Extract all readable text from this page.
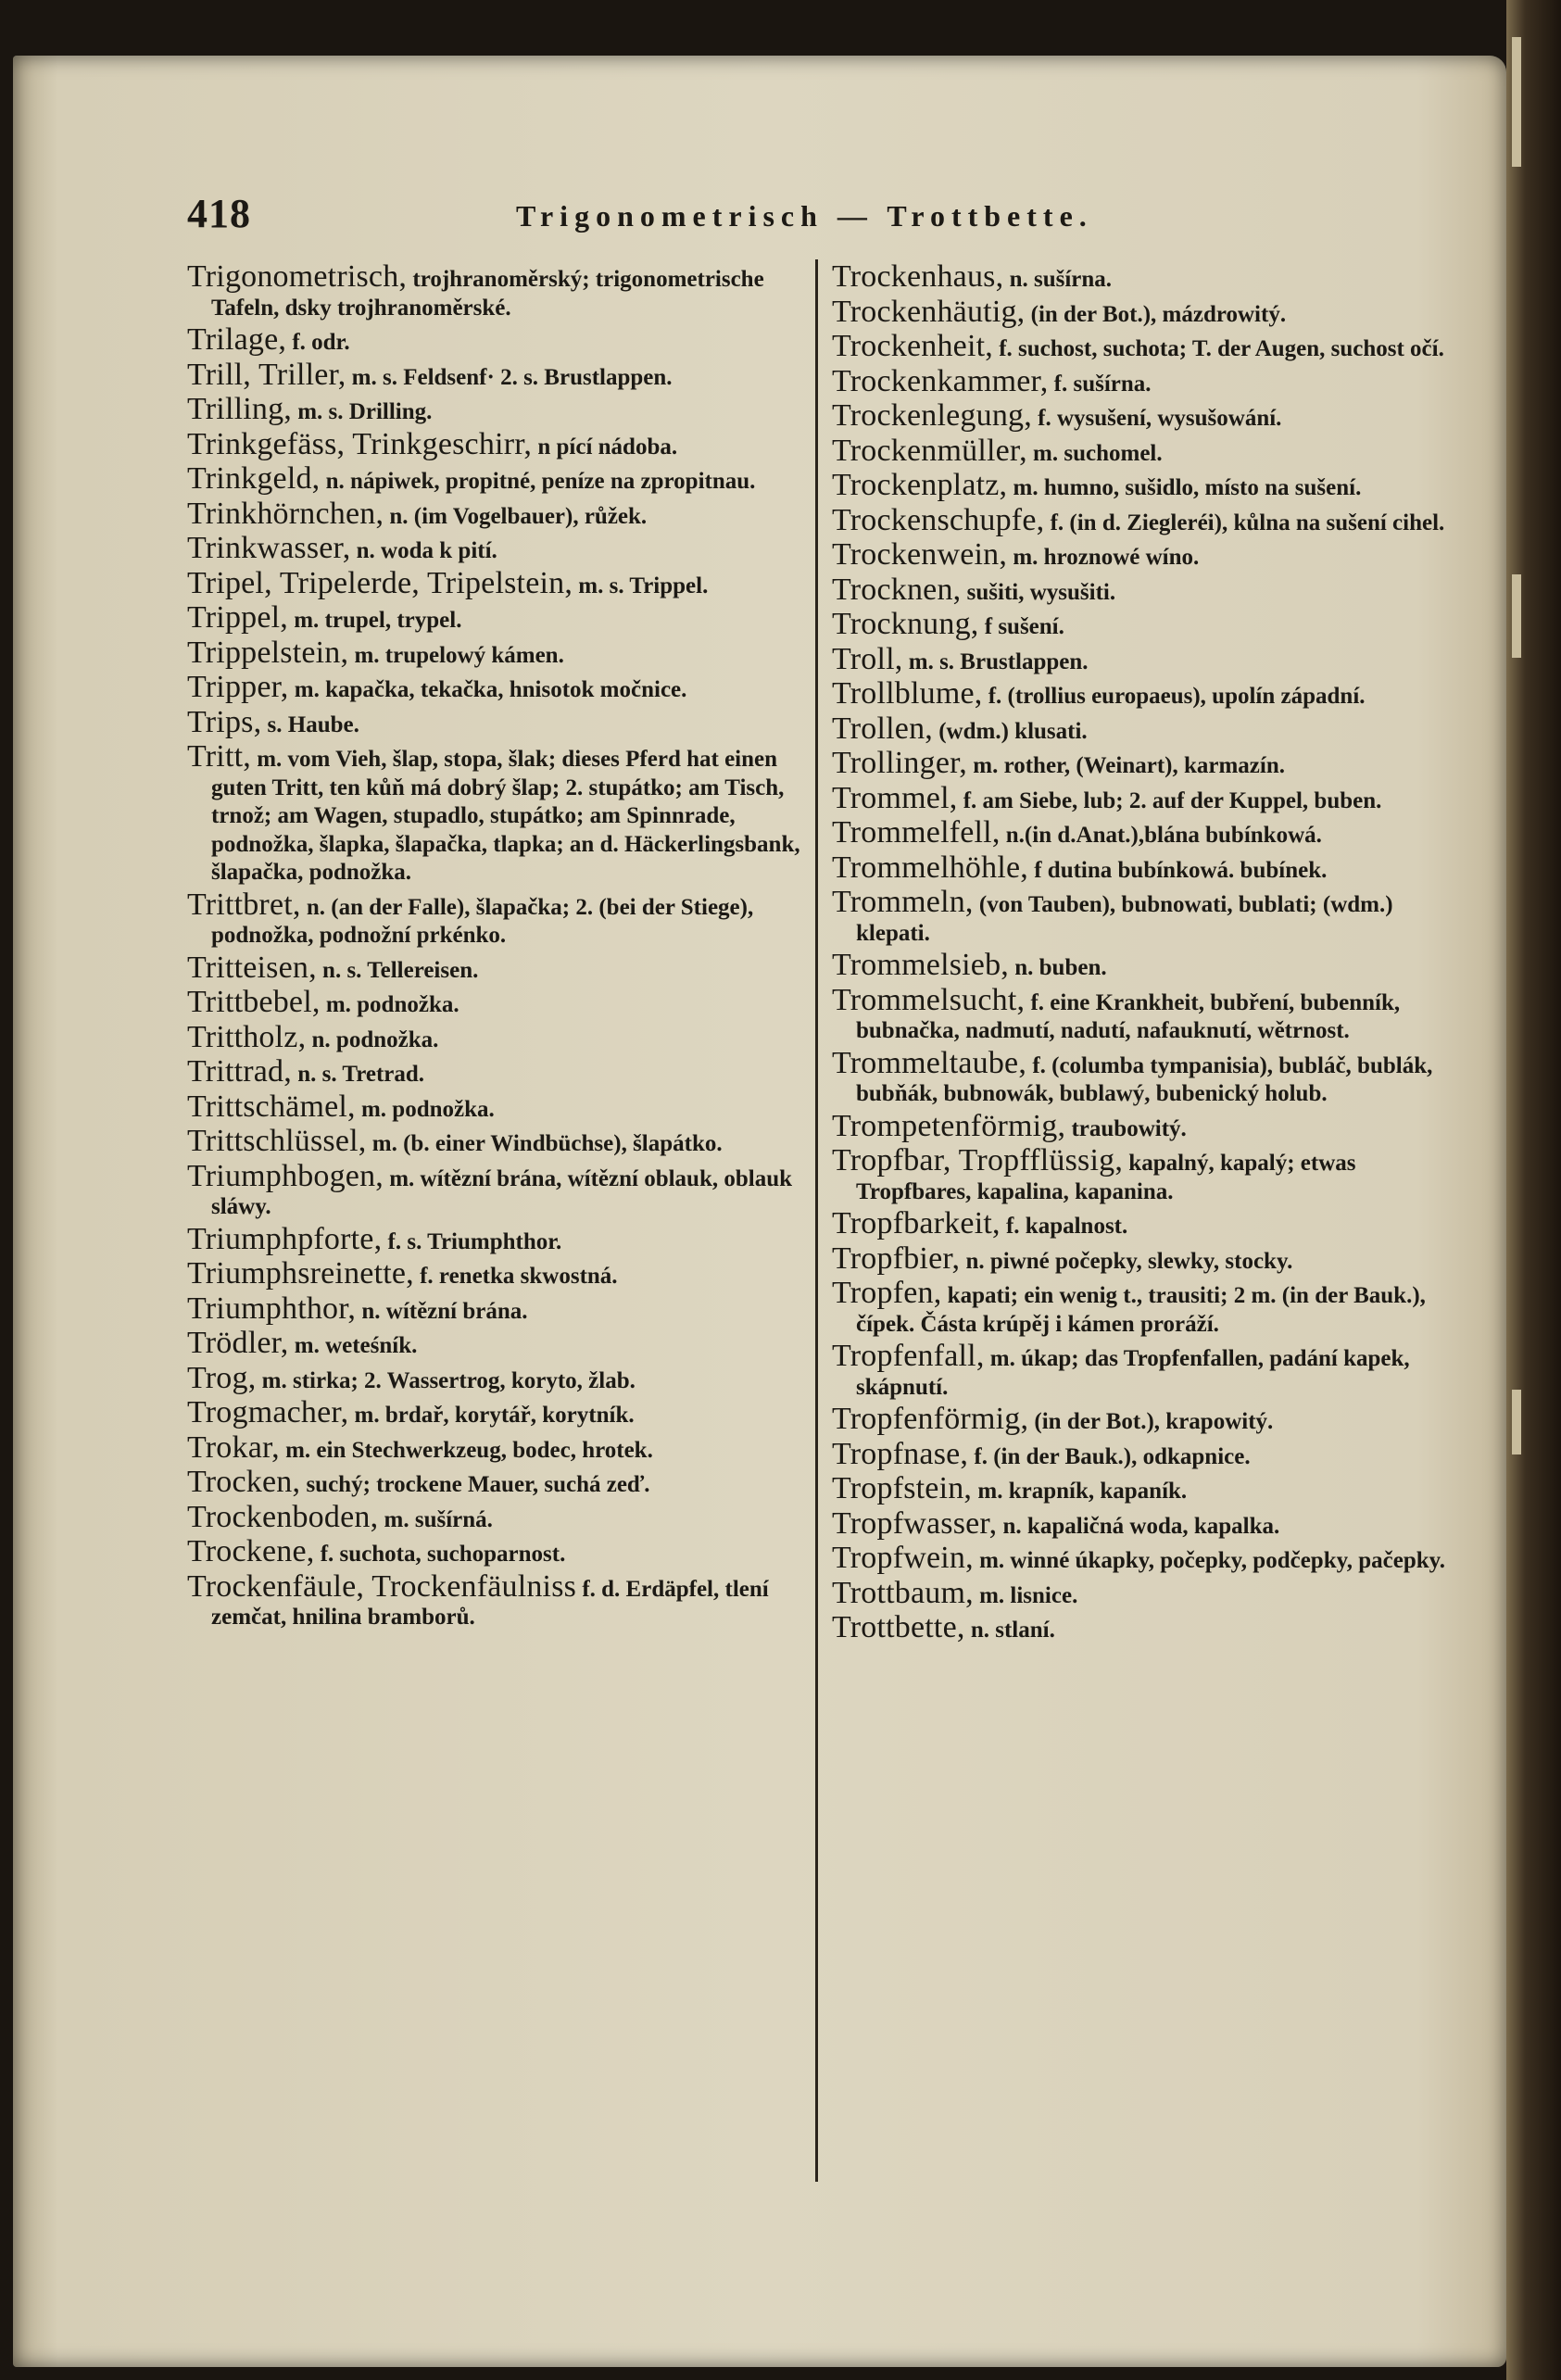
418	Trigonometrisch — Trottbette.
Trigonometrisch, trojhranoměrský; trigonometrische Tafeln, dsky trojhranoměrské.
Trilage, f. odr.
Trill, Triller, m. s. Feldsenf· 2. s. Brustlappen.
Trilling, m. s. Drilling.
Trinkgefäss, Trinkgeschirr, n pící nádoba.
Trinkgeld, n. nápiwek, propitné, peníze na zpropitnau.
Trinkhörnchen, n. (im Vogelbauer), růžek.
Trinkwasser, n. woda k pití.
Tripel, Tripelerde, Tripelstein, m. s. Trippel.
Trippel, m. trupel, trypel.
Trippelstein, m. trupelowý kámen.
Tripper, m. kapačka, tekačka, hnisotok močnice.
Trips, s. Haube.
Tritt, m. vom Vieh, šlap, stopa, šlak; dieses Pferd hat einen guten Tritt, ten kůň má dobrý šlap; 2. stupátko; am Tisch, trnož; am Wagen, stupadlo, stupátko; am Spinnrade, podnožka, šlapka, šlapačka, tlapka; an d. Häckerlingsbank, šlapačka, podnožka.
Trittbret, n. (an der Falle), šlapačka; 2. (bei der Stiege), podnožka, podnožní prkénko.
Tritteisen, n. s. Tellereisen.
Trittbebel, m. podnožka.
Trittholz, n. podnožka.
Trittrad, n. s. Tretrad.
Trittschämel, m. podnožka.
Trittschlüssel, m. (b. einer Windbüchse), šlapátko.
Triumphbogen, m. wítězní brána, wítězní oblauk, oblauk sláwy.
Triumphpforte, f. s. Triumphthor.
Triumphsreinette, f. renetka skwostná.
Triumphthor, n. wítězní brána.
Trödler, m. weteśník.
Trog, m. stirka; 2. Wassertrog, koryto, žlab.
Trogmacher, m. brdař, korytář, korytník.
Trokar, m. ein Stechwerkzeug, bodec, hrotek.
Trocken, suchý; trockene Mauer, suchá zeď.
Trockenboden, m. sušírná.
Trockene, f. suchota, suchoparnost.
Trockenfäule, Trockenfäulniss f. d. Erdäpfel, tlení zemčat, hnilina bramborů.
Trockenhaus, n. sušírna.
Trockenhäutig, (in der Bot.), mázdrowitý.
Trockenheit, f. suchost, suchota; T. der Augen, suchost očí.
Trockenkammer, f. sušírna.
Trockenlegung, f. wysušení, wysušowání.
Trockenmüller, m. suchomel.
Trockenplatz, m. humno, sušidlo, místo na sušení.
Trockenschupfe, f. (in d. Ziegleréi), kůlna na sušení cihel.
Trockenwein, m. hroznowé wíno.
Trocknen, sušiti, wysušiti.
Trocknung, f sušení.
Troll, m. s. Brustlappen.
Trollblume, f. (trollius europaeus), upolín západní.
Trollen, (wdm.) klusati.
Trollinger, m. rother, (Weinart), karmazín.
Trommel, f. am Siebe, lub; 2. auf der Kuppel, buben.
Trommelfell, n.(in d.Anat.),blána bubínkowá.
Trommelhöhle, f dutina bubínkowá. bubínek.
Trommeln, (von Tauben), bubnowati, bublati; (wdm.) klepati.
Trommelsieb, n. buben.
Trommelsucht, f. eine Krankheit, bubření, bubenník, bubnačka, nadmutí, nadutí, nafauknutí, wětrnost.
Trommeltaube, f. (columba tympanisia), bubláč, bublák, bubňák, bubnowák, bublawý, bubenický holub.
Trompetenförmig, traubowitý.
Tropfbar, Tropfflüssig, kapalný, kapalý; etwas Tropfbares, kapalina, kapanina.
Tropfbarkeit, f. kapalnost.
Tropfbier, n. piwné počepky, slewky, stocky.
Tropfen, kapati; ein wenig t., trausiti; 2 m. (in der Bauk.), čípek. Částa krúpěj i kámen proráží.
Tropfenfall, m. úkap; das Tropfenfallen, padání kapek, skápnutí.
Tropfenförmig, (in der Bot.), krapowitý.
Tropfnase, f. (in der Bauk.), odkapnice.
Tropfstein, m. krapník, kapaník.
Tropfwasser, n. kapaličná woda, kapalka.
Tropfwein, m. winné úkapky, počepky, podčepky, pačepky.
Trottbaum, m. lisnice.
Trottbette, n. stlaní.
